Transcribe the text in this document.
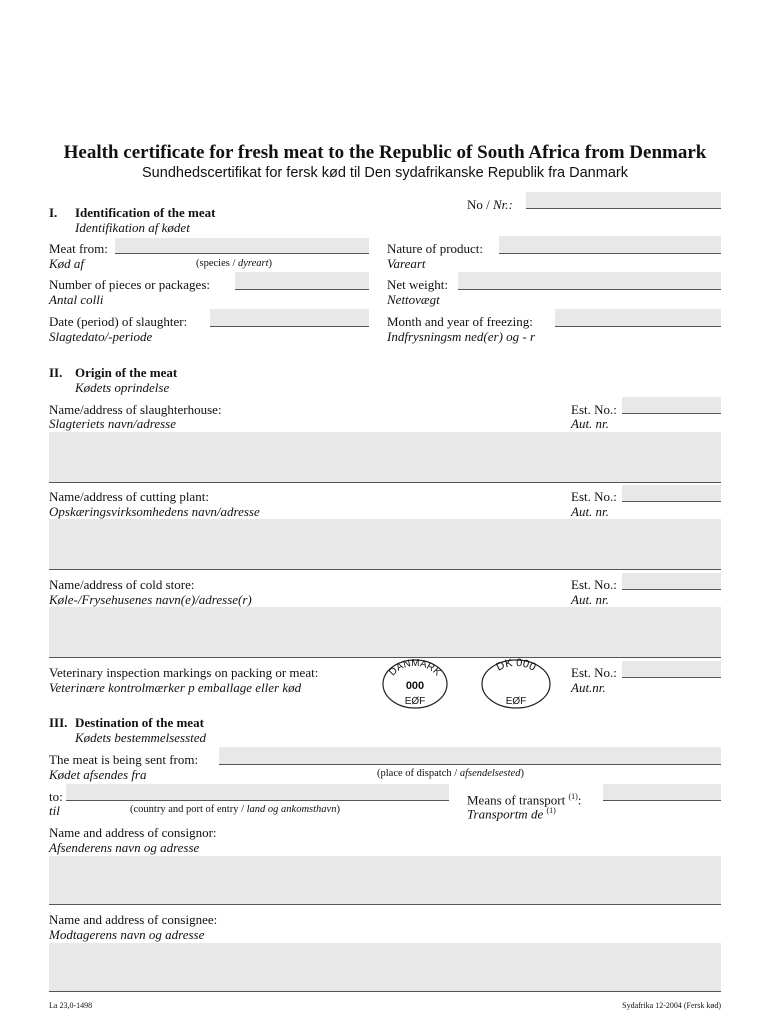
Health certificate for fresh meat to the Republic of South Africa from Denmark
Sundhedscertifikat for fersk kød til Den sydafrikanske Republik fra Danmark
No / Nr.:
I. Identification of the meat
Identifikation af kødet
Meat from:
Kød af	(species / dyreart)
Nature of product:
Vareart
Number of pieces or packages:
Antal colli
Net weight:
Nettovægt
Date (period) of slaughter:
Slagtedato/-periode
Month and year of freezing:
Indfrysningsm ned(er) og - r
II. Origin of the meat
Kødets oprindelse
Name/address of slaughterhouse:
Slagteriets navn/adresse
Est. No.:
Aut. nr.
Name/address of cutting plant:
Opskæringsvirksomhedens navn/adresse
Est. No.:
Aut. nr.
Name/address of cold store:
Køle-/Frysehusenes navn(e)/adresse(r)
Est. No.:
Aut. nr.
Veterinary inspection markings on packing or meat:
Veterinære kontrolmærker p emballage eller kød
Est. No.:
Aut.nr.
DANMARK
000
EØF
DK 000
EØF
III. Destination of the meat
Kødets bestemmelsessted
The meat is being sent from:
Kødet afsendes fra	(place of dispatch / afsendelsested)
to:
til	(country and port of entry / land og ankomsthavn)
Means of transport $^{(1)}$:
Transportm de $^{(1)}$
Name and address of consignor:
Afsenderens navn og adresse
Name and address of consignee:
Modtagerens navn og adresse
La 23,0-1498	Sydafrika 12-2004 (Fersk kød)
